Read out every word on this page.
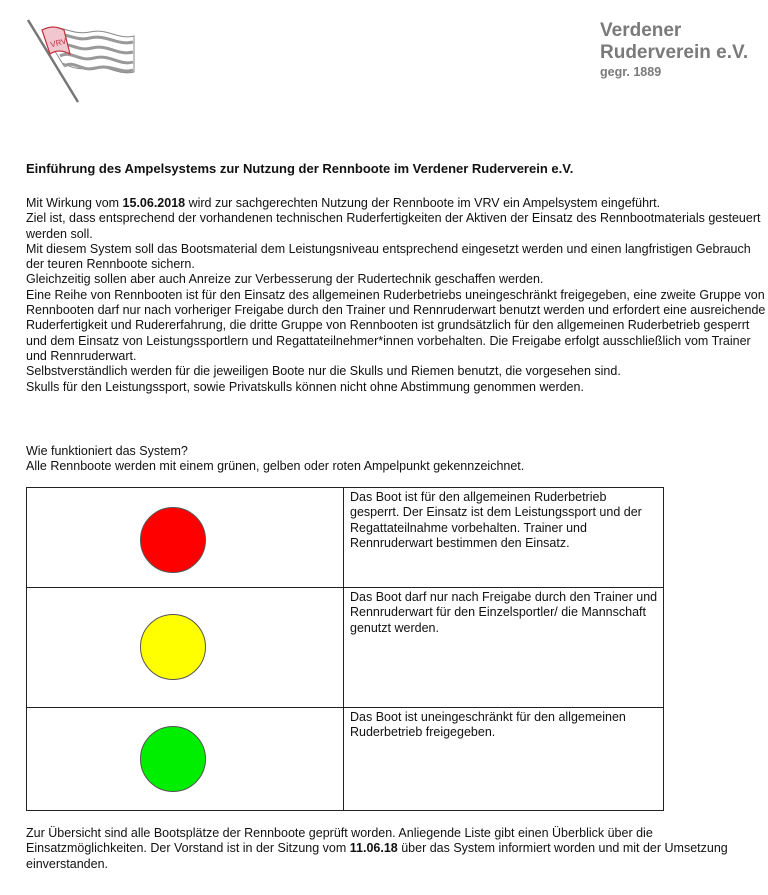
VRV
Verdener
Ruderverein e.V.
gegr. 1889
Einführung des Ampelsystems zur Nutzung der Rennboote im Verdener Ruderverein e.V.

Mit Wirkung vom 15.06.2018 wird zur sachgerechten Nutzung der Rennboote im VRV ein Ampelsystem eingeführt.

Ziel ist, dass entsprechend der vorhandenen technischen Ruderfertigkeiten der Aktiven der Einsatz des Rennbootmaterials gesteuert werden soll.

Mit diesem System soll das Bootsmaterial dem Leistungsniveau entsprechend eingesetzt werden und einen langfristigen Gebrauch der teuren Rennboote sichern.

Gleichzeitig sollen aber auch Anreize zur Verbesserung der Rudertechnik geschaffen werden.

Eine Reihe von Rennbooten ist für den Einsatz des allgemeinen Ruderbetriebs uneingeschränkt freigegeben, eine zweite Gruppe von Rennbooten darf nur nach vorheriger Freigabe durch den Trainer und Rennruderwart benutzt werden und erfordert eine ausreichende Ruderfertigkeit und Rudererfahrung, die dritte Gruppe von Rennbooten ist grundsätzlich für den allgemeinen Ruderbetrieb gesperrt und dem Einsatz von Leistungssportlern und Regattateilnehmer*innen vorbehalten. Die Freigabe erfolgt ausschließlich vom Trainer und Rennruderwart.

Selbstverständlich werden für die jeweiligen Boote nur die Skulls und Riemen benutzt, die vorgesehen sind.

Skulls für den Leistungssport, sowie Privatskulls können nicht ohne Abstimmung genommen werden.

Wie funktioniert das System?

Alle Rennboote werden mit einem grünen, gelben oder roten Ampelpunkt gekennzeichnet.

	Das Boot ist für den allgemeinen Ruderbetrieb gesperrt. Der Einsatz ist dem Leistungssport und der Regattateilnahme vorbehalten. Trainer und Rennruderwart bestimmen den Einsatz.

	Das Boot darf nur nach Freigabe durch den Trainer und Rennruderwart für den Einzelsportler/ die Mannschaft genutzt werden.

	Das Boot ist uneingeschränkt für den allgemeinen Ruderbetrieb freigegeben.
Zur Übersicht sind alle Bootsplätze der Rennboote geprüft worden. Anliegende Liste gibt einen Überblick über die Einsatzmöglichkeiten. Der Vorstand ist in der Sitzung vom 11.06.18 über das System informiert worden und mit der Umsetzung einverstanden.
